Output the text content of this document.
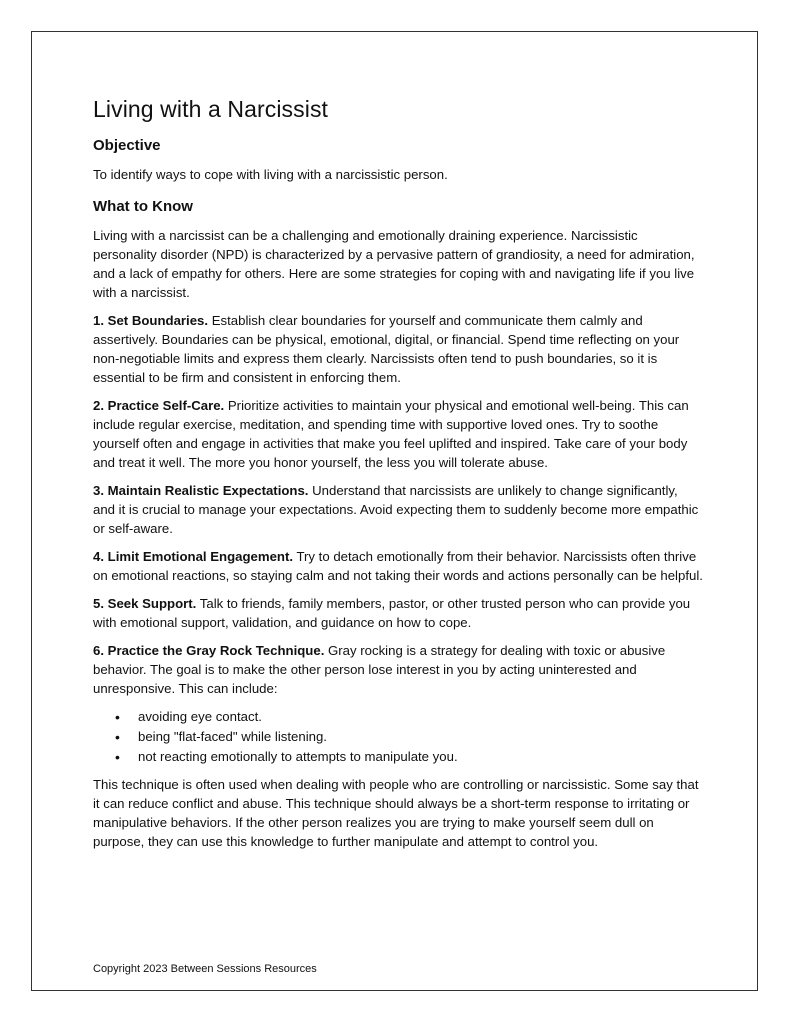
Living with a Narcissist
Objective

To identify ways to cope with living with a narcissistic person.

What to Know

Living with a narcissist can be a challenging and emotionally draining experience. Narcissistic personality disorder (NPD) is characterized by a pervasive pattern of grandiosity, a need for admiration, and a lack of empathy for others. Here are some strategies for coping with and navigating life if you live with a narcissist.

1. Set Boundaries. Establish clear boundaries for yourself and communicate them calmly and assertively. Boundaries can be physical, emotional, digital, or financial. Spend time reflecting on your non-negotiable limits and express them clearly. Narcissists often tend to push boundaries, so it is essential to be firm and consistent in enforcing them.

2. Practice Self-Care. Prioritize activities to maintain your physical and emotional well-being. This can include regular exercise, meditation, and spending time with supportive loved ones. Try to soothe yourself often and engage in activities that make you feel uplifted and inspired. Take care of your body and treat it well. The more you honor yourself, the less you will tolerate abuse.

3. Maintain Realistic Expectations. Understand that narcissists are unlikely to change significantly, and it is crucial to manage your expectations. Avoid expecting them to suddenly become more empathic or self-aware.

4. Limit Emotional Engagement. Try to detach emotionally from their behavior. Narcissists often thrive on emotional reactions, so staying calm and not taking their words and actions personally can be helpful.

5. Seek Support. Talk to friends, family members, pastor, or other trusted person who can provide you with emotional support, validation, and guidance on how to cope.

6. Practice the Gray Rock Technique. Gray rocking is a strategy for dealing with toxic or abusive behavior. The goal is to make the other person lose interest in you by acting uninterested and unresponsive. This can include:

• avoiding eye contact.
• being "flat-faced" while listening.
• not reacting emotionally to attempts to manipulate you.

This technique is often used when dealing with people who are controlling or narcissistic. Some say that it can reduce conflict and abuse. This technique should always be a short-term response to irritating or manipulative behaviors. If the other person realizes you are trying to make yourself seem dull on purpose, they can use this knowledge to further manipulate and attempt to control you.

Copyright 2023 Between Sessions Resources
